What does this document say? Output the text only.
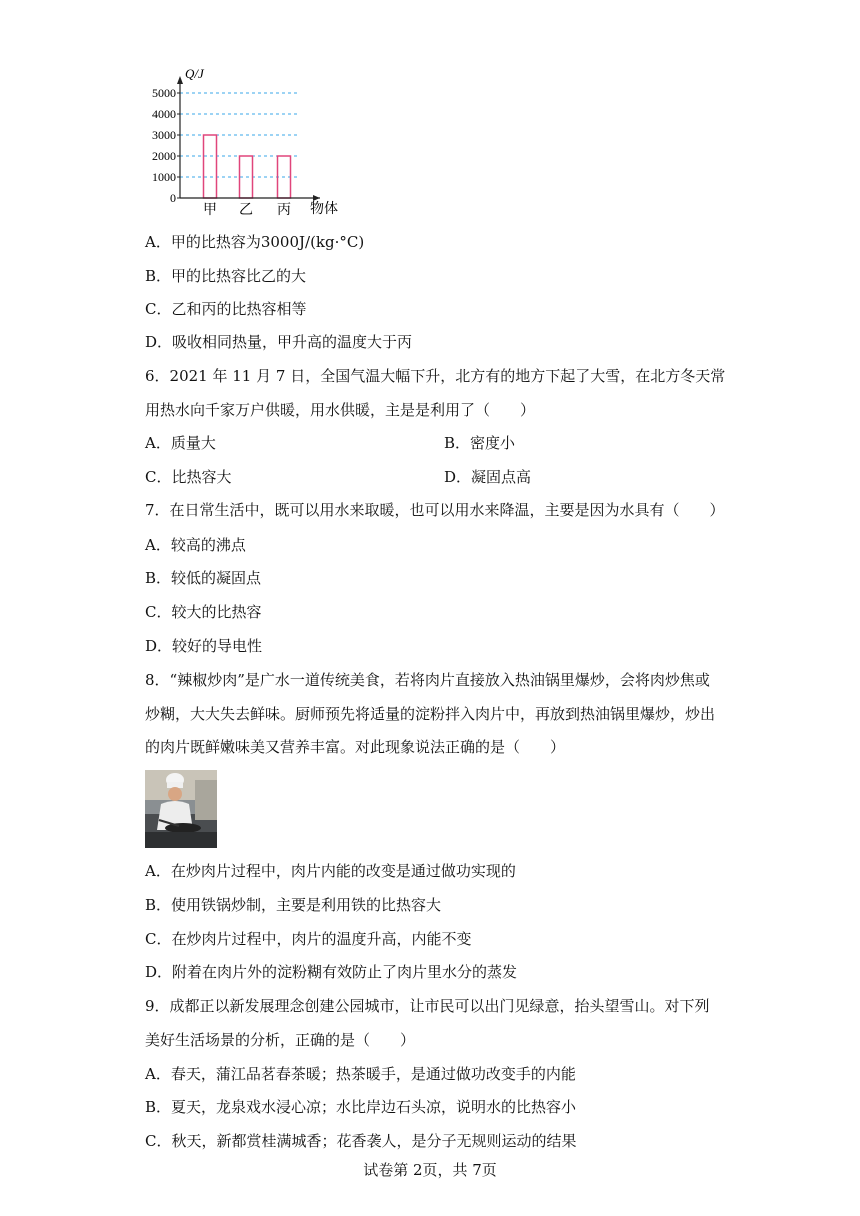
0
1000
2000
3000
4000
5000
甲 乙 丙
Q/J
物体
A．甲的比热容为3000J/(kg·°C)
B．甲的比热容比乙的大
C．乙和丙的比热容相等
D．吸收相同热量，甲升高的温度大于丙
6．2021 年 11 月 7 日，全国气温大幅下升，北方有的地方下起了大雪，在北方冬天常
用热水向千家万户供暖，用水供暖，主是是利用了（　　）
A．质量大	B．密度小
C．比热容大	D．凝固点高
7．在日常生活中，既可以用水来取暖，也可以用水来降温，主要是因为水具有（　　）
A．较高的沸点
B．较低的凝固点
C．较大的比热容
D．较好的导电性
8．“辣椒炒肉”是广水一道传统美食，若将肉片直接放入热油锅里爆炒，会将肉炒焦或
炒糊，大大失去鲜味。厨师预先将适量的淀粉拌入肉片中，再放到热油锅里爆炒，炒出
的肉片既鲜嫩味美又营养丰富。对此现象说法正确的是（　　）
A．在炒肉片过程中，肉片内能的改变是通过做功实现的
B．使用铁锅炒制，主要是利用铁的比热容大
C．在炒肉片过程中，肉片的温度升高，内能不变
D．附着在肉片外的淀粉糊有效防止了肉片里水分的蒸发
9．成都正以新发展理念创建公园城市，让市民可以出门见绿意，抬头望雪山。对下列
美好生活场景的分析，正确的是（　　）
A．春天，蒲江品茗春茶暖；热茶暖手，是通过做功改变手的内能
B．夏天，龙泉戏水浸心凉；水比岸边石头凉，说明水的比热容小
C．秋天，新都赏桂满城香；花香袭人，是分子无规则运动的结果
试卷第 2页，共 7页
